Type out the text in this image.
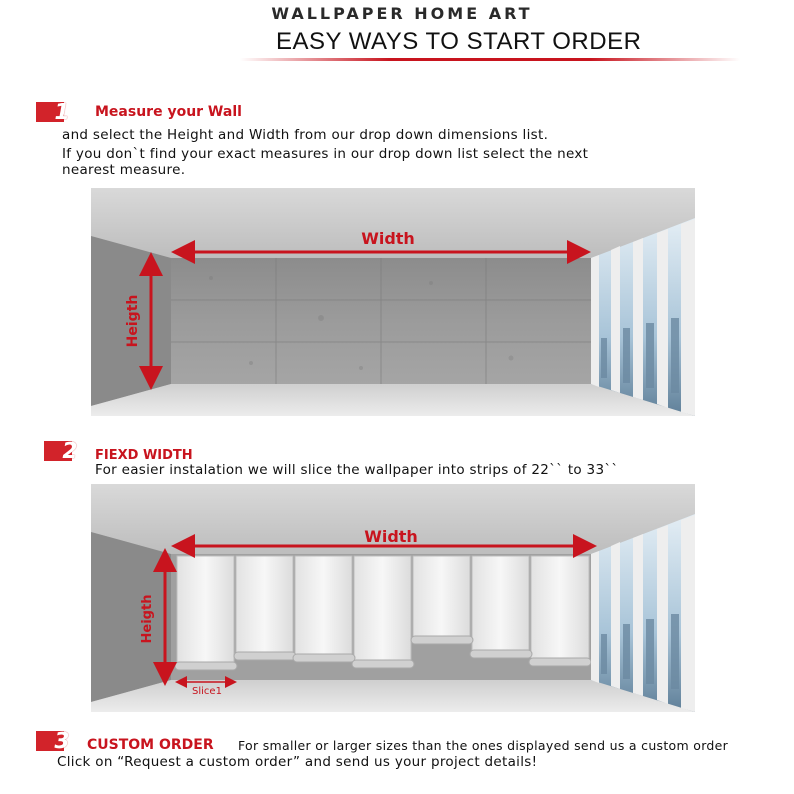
WALLPAPER HOME ART
EASY WAYS TO START ORDER
1 Measure your Wall
and select the Height and Width from our drop down dimensions list.
If you don`t find your exact measures in our drop down list select the next
nearest measure.
Width
Heigth
2 FIEXD WIDTH
For easier instalation we will slice the wallpaper into strips of 22`` to 33``
Width
Heigth
Slice1
3 CUSTOM ORDER For smaller or larger sizes than the ones displayed send us a custom order
Click on “Request a custom order” and send us your project details!
